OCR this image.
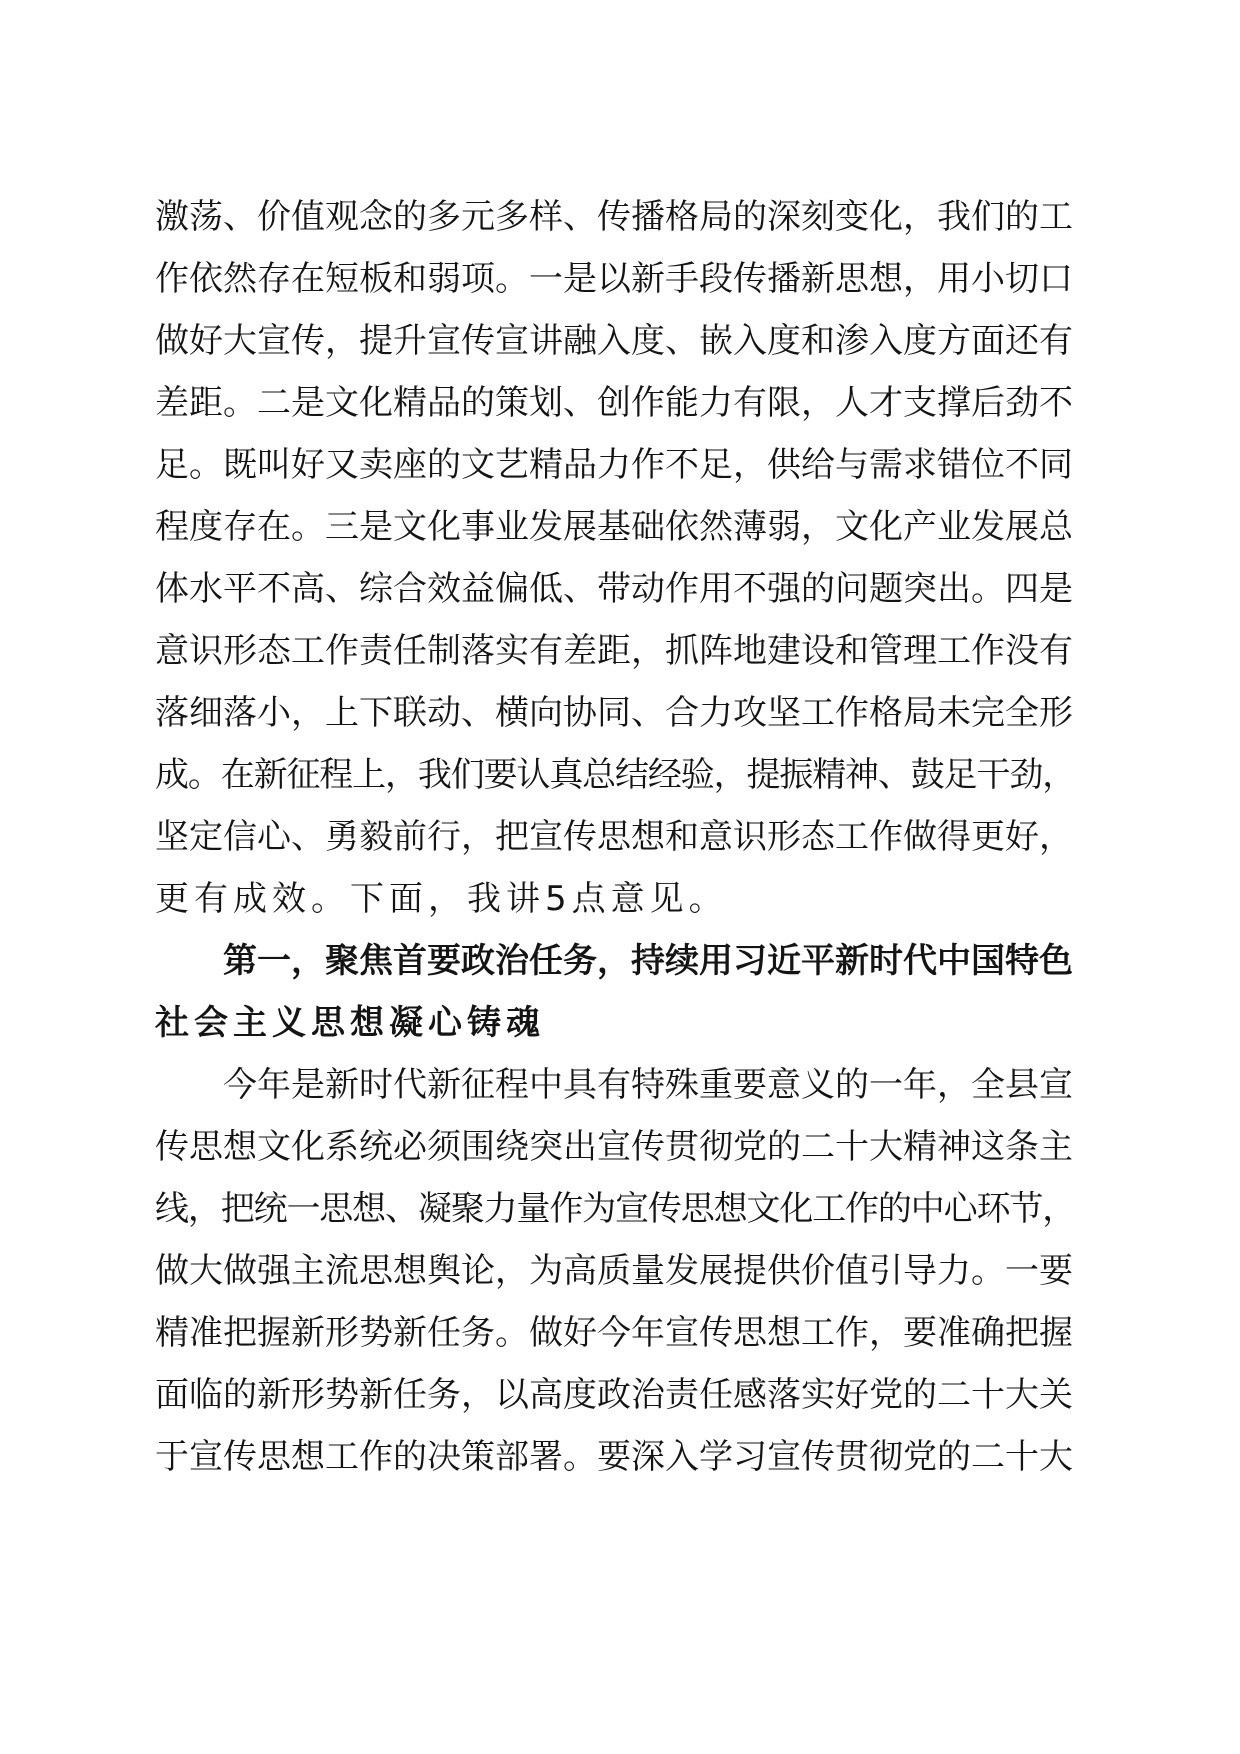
激荡、价值观念的多元多样、传播格局的深刻变化，我们的工
作依然存在短板和弱项。一是以新手段传播新思想，用小切口
做好大宣传，提升宣传宣讲融入度、嵌入度和渗入度方面还有
差距。二是文化精品的策划、创作能力有限，人才支撑后劲不
足。既叫好又卖座的文艺精品力作不足，供给与需求错位不同
程度存在。三是文化事业发展基础依然薄弱，文化产业发展总
体水平不高、综合效益偏低、带动作用不强的问题突出。四是
意识形态工作责任制落实有差距，抓阵地建设和管理工作没有
落细落小，上下联动、横向协同、合力攻坚工作格局未完全形
成。在新征程上，我们要认真总结经验，提振精神、鼓足干劲，
坚定信心、勇毅前行，把宣传思想和意识形态工作做得更好，
更有成效。下面，我讲5点意见。
第一，聚焦首要政治任务，持续用习近平新时代中国特色
社会主义思想凝心铸魂
今年是新时代新征程中具有特殊重要意义的一年，全县宣
传思想文化系统必须围绕突出宣传贯彻党的二十大精神这条主
线，把统一思想、凝聚力量作为宣传思想文化工作的中心环节，
做大做强主流思想舆论，为高质量发展提供价值引导力。一要
精准把握新形势新任务。做好今年宣传思想工作，要准确把握
面临的新形势新任务，以高度政治责任感落实好党的二十大关
于宣传思想工作的决策部署。要深入学习宣传贯彻党的二十大
